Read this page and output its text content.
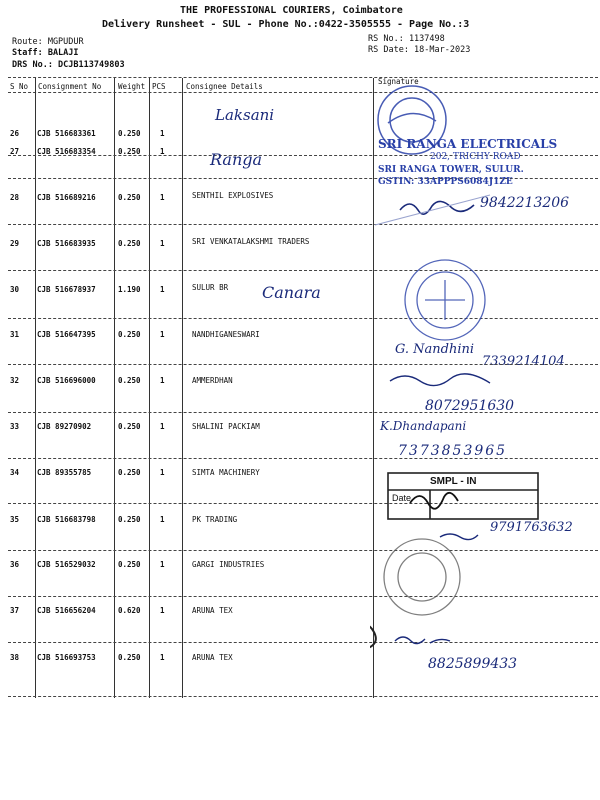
THE PROFESSIONAL COURIERS, Coimbatore
Delivery Runsheet - SUL - Phone No.:0422-3505555 - Page No.:3
Route: MGPUDUR
Staff: BALAJI
DRS No.: DCJB113749803
RS No.: 1137498
RS Date: 18-Mar-2023
S No Consignment No Weight PCS	Consignee Details
Signature
26 CJB 516683361	0.250	1
Laksani
27 CJB 516683354	0.250	1	Ranga
28 CJB 516689216	0.250	1	SENTHIL EXPLOSIVES	9842213206
29 CJB 516683935	0.250	1	SRI VENKATALAKSHMI TRADERS
30 CJB 516678937	1.190	1	SULUR BR Canara
31 CJB 516647395	0.250	1	NANDHIGANESWARI
G. Nandhini
7339214104
32 CJB 516696000	0.250	1	AMMERDHAN
8072951630
33 CJB 89270902	0.250	1	SHALINI PACKIAM	K.Dhandapani
7373853965
34 CJB 89355785	0.250	1	SIMTA MACHINERY
35 CJB 516683798	0.250	1	PK TRADING
9791763632
36 CJB 516529032	0.250	1	GARGI INDUSTRIES
37 CJB 516656204	0.620	1	ARUNA TEX
38 CJB 516693753	0.250	1	ARUNA TEX	8825899433
SRI RANGA ELECTRICALS
202, TRICHY ROAD
SRI RANGA TOWER, SULUR.
GSTIN: 33APPPS6084J1ZE
SMPL - IN
Date
